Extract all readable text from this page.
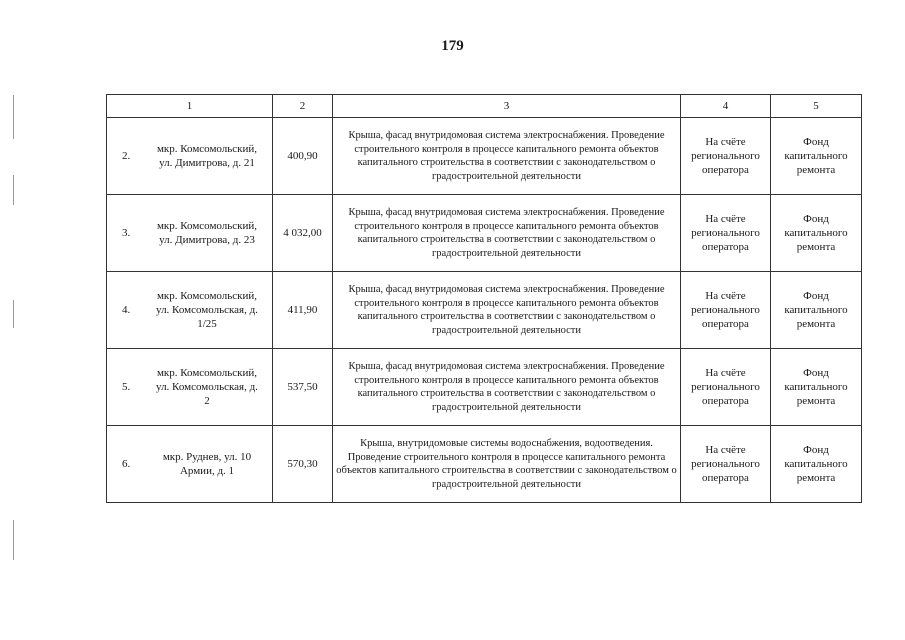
179
1	2	3	4	5

2.
мкр. Комсомольский, ул. Димитрова, д. 21	400,90	Крыша, фасад внутридомовая система электроснабжения. Проведение строительного контроля в процессе капитального ремонта объектов капитального строительства в соответствии с законодательством о градостроительной деятельности	На счёте регионального оператора	Фонд капитального ремонта

3.
мкр. Комсомольский, ул. Димитрова, д. 23	4 032,00	Крыша, фасад внутридомовая система электроснабжения. Проведение строительного контроля в процессе капитального ремонта объектов капитального строительства в соответствии с законодательством о градостроительной деятельности	На счёте регионального оператора	Фонд капитального ремонта

4.
мкр. Комсомольский, ул. Комсомольская, д. 1/25	411,90	Крыша, фасад внутридомовая система электроснабжения. Проведение строительного контроля в процессе капитального ремонта объектов капитального строительства в соответствии с законодательством о градостроительной деятельности	На счёте регионального оператора	Фонд капитального ремонта

5.
мкр. Комсомольский, ул. Комсомольская, д. 2	537,50	Крыша, фасад внутридомовая система электроснабжения. Проведение строительного контроля в процессе капитального ремонта объектов капитального строительства в соответствии с законодательством о градостроительной деятельности	На счёте регионального оператора	Фонд капитального ремонта

6.
мкр. Руднев, ул. 10 Армии, д. 1	570,30	Крыша, внутридомовые системы водоснабжения, водоотведения. Проведение строительного контроля в процессе капитального ремонта объектов капитального строительства в соответствии с законодательством о градостроительной деятельности	На счёте регионального оператора	Фонд капитального ремонта
